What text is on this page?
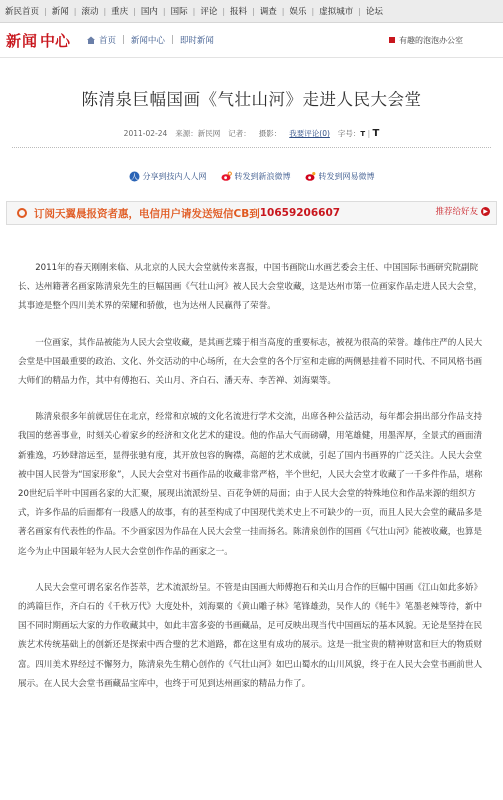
新民首页 | 新闻 | 滚动 | 重庆 | 国内 | 国际 | 评论 | 报料 | 调查 | 娱乐 | 虚拟城市 | 论坛
新闻 中心	首页 | 新闻中心 | 即时新闻	有趣的泡泡办公室
陈清泉巨幅国画《气壮山河》走进人民大会堂
2011-02-24 来源：新民网 记者： 摄影： 我要评论(0) 字号：T | T
人 分享到技内人人网	转发到新浪微博	转发到网易微博
订阅天翼晨报资者惠，电信用户请发送短信 CB到 10659206607	推荐给好友 ▶

2011年的春天刚刚来临、从北京的人民大会堂就传来喜报，中国书画院山水画艺委会主任、中国国际书画研究院副院长、达州籍著名画家陈清泉先生的巨幅国画《气壮山河》被人民大会堂收藏，这是达州市第一位画家作品走进人民大会堂，其事迹是整个四川美术界的荣耀和骄傲，也为达州人民赢得了荣誉。

一位画家，其作品被能为人民大会堂收藏，是其画艺臻于相当高度的重要标志，被视为很高的荣誉。雄伟庄严的人民大会堂是中国最重要的政治、文化、外交活动的中心场所，在大会堂的各个厅室和走廊的两侧悬挂着不同时代、不同风格书画大师们的精品力作，其中有傅抱石、关山月、齐白石、潘天寿、李苦禅、刘海粟等。

陈清泉很多年前就居住在北京，经常和京城的文化名流进行学术交流，出席各种公益活动，每年都会捐出部分作品支持我国的慈善事业，时刻关心着家乡的经济和文化艺术的建设。他的作品大气而磅礴，用笔雄健，用墨浑厚，全景式的画面清新雅逸，巧妙肆溶远至，显得张驰有度，其开放包容的胸襟，高超的艺术成就，引起了国内书画界的广泛关注。人民大会堂被中国人民誉为“国家形象”，人民大会堂对书画作品的收藏非常严格，半个世纪，人民大会堂才收藏了一千多件作品，堪称20世纪后半叶中国画名家的大汇聚，展现出流派纷呈、百花争妍的局面；由于人民大会堂的特殊地位和作品来源的组织方式，许多作品的后面都有一段感人的故事，有的甚至构成了中国现代美术史上不可缺少的一页，而且人民大会堂的藏品多是著名画家有代表性的作品。不少画家因为作品在人民大会堂一挂而扬名。陈清泉创作的国画《气壮山河》能被收藏，也算是迄今为止中国最年轻为人民大会堂创作作品的画家之一。

人民大会堂可谓名家名作荟萃，艺术流派纷呈。不管是由国画大师傅抱石和关山月合作的巨幅中国画《江山如此多娇》的鸿篇巨作，齐白石的《千秋万代》大度处朴，刘海粟的《黄山雕子林》笔锋雄劲，吴作人的《牦牛》笔墨老辣等待，新中国不同时期画坛大家的力作收藏其中，如此丰富多姿的书画藏品，足可反映出现当代中国画坛的基本风貌。无论是坚持在民族艺术传统基础上的创新还是探索中西合璧的艺术道路，都在这里有成功的展示。这是一批宝贵的精神财富和巨大的物质财富。四川美术界经过不懈努力，陈清泉先生精心创作的《气壮山河》如巴山蜀水的山川风貌，终于在人民大会堂书画前世人展示。在人民大会堂书画藏品宝库中，也终于可见到达州画家的精品力作了。
